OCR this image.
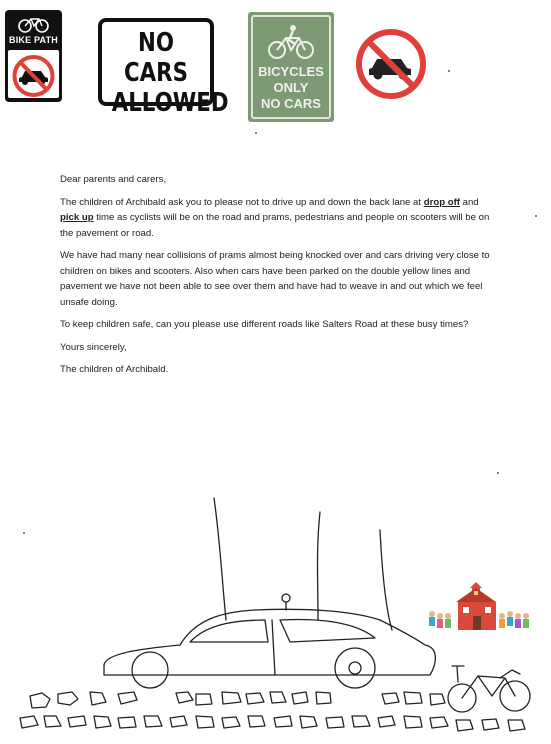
BIKE PATH	NO CARS
ALLOWED
BICYCLES
ONLY
NO CARS

Dear parents and carers,

The children of Archibald ask you to please not to drive up and down the back lane at drop off and pick up time as cyclists will be on the road and prams, pedestrians and people on scooters will be on the pavement or road.

We have had many near collisions of prams almost being knocked over and cars driving very close to children on bikes and scooters. Also when cars have been parked on the double yellow lines and pavement we have not been able to see over them and have had to weave in and out which we feel unsafe doing.

To keep children safe, can you please use different roads like Salters Road at these busy times?

Yours sincerely,

The children of Archibald.
